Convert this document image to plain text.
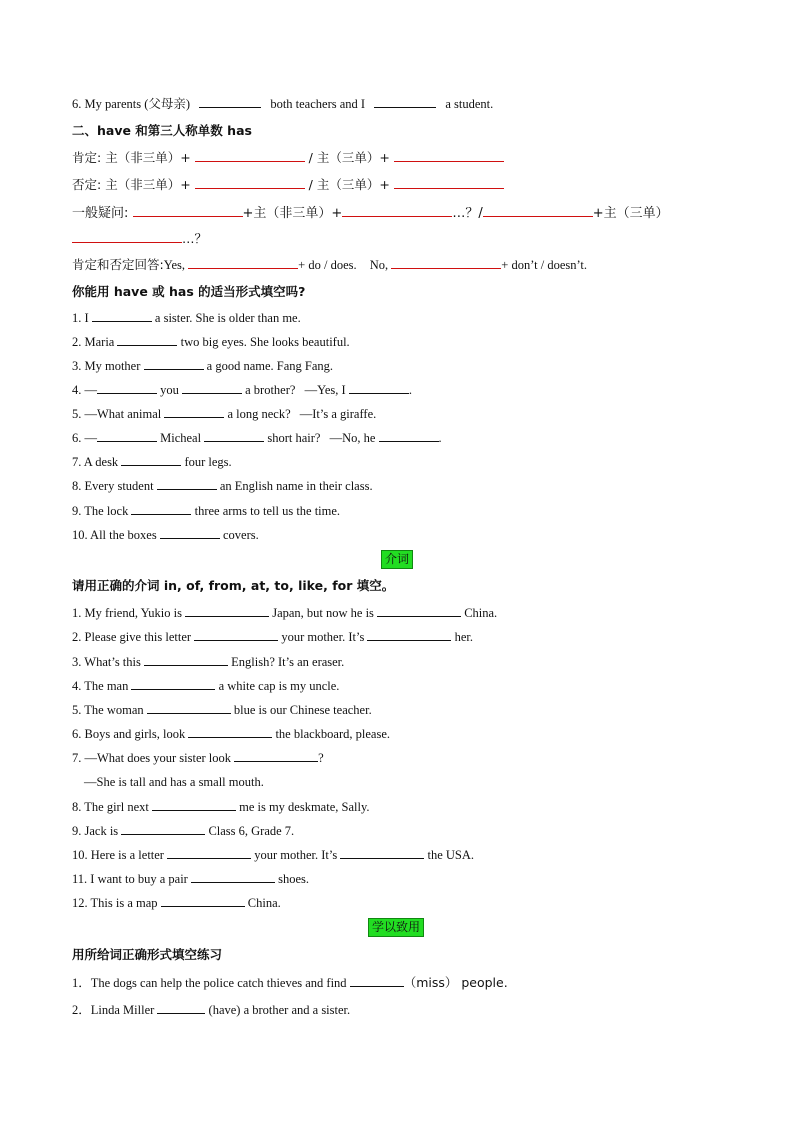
6. My parents (父母亲)	both teachers and I	a student.
二、have 和第三人称单数 has
肯定: 主（非三单）+	/ 主（三单）+
否定: 主（非三单）+	/ 主（三单）+
一般疑问:	+主（非三单）+	…？/	+主（三单）
…？
肯定和否定回答:Yes,	+ do / does. No,	+ don’t / doesn’t.
你能用 have 或 has 的适当形式填空吗?
1. I	a sister. She is older than me.
2. Maria	two big eyes. She looks beautiful.
3. My mother	a good name. Fang Fang.
4. —	you	a brother? —Yes, I	.
5. —What animal	a long neck? —It’s a giraffe.
6. —	Micheal	short hair? —No, he	.
7. A desk	four legs.
8. Every student	an English name in their class.
9. The lock	three arms to tell us the time.
10. All the boxes	covers.
介词
请用正确的介词 in, of, from, at, to, like, for 填空。
1. My friend, Yukio is	Japan, but now he is	China.
2. Please give this letter	your mother. It’s	her.
3. What’s this	English? It’s an eraser.
4. The man	a white cap is my uncle.
5. The woman	blue is our Chinese teacher.
6. Boys and girls, look	the blackboard, please.
7. —What does your sister look	?
—She is tall and has a small mouth.
8. The girl next	me is my deskmate, Sally.
9. Jack is	Class 6, Grade 7.
10. Here is a letter	your mother. It’s	the USA.
11. I want to buy a pair	shoes.
12. This is a map	China.
学以致用
用所给词正确形式填空练习
1．The dogs can help the police catch thieves and find	（miss） people.
2．Linda Miller	(have) a brother and a sister.
